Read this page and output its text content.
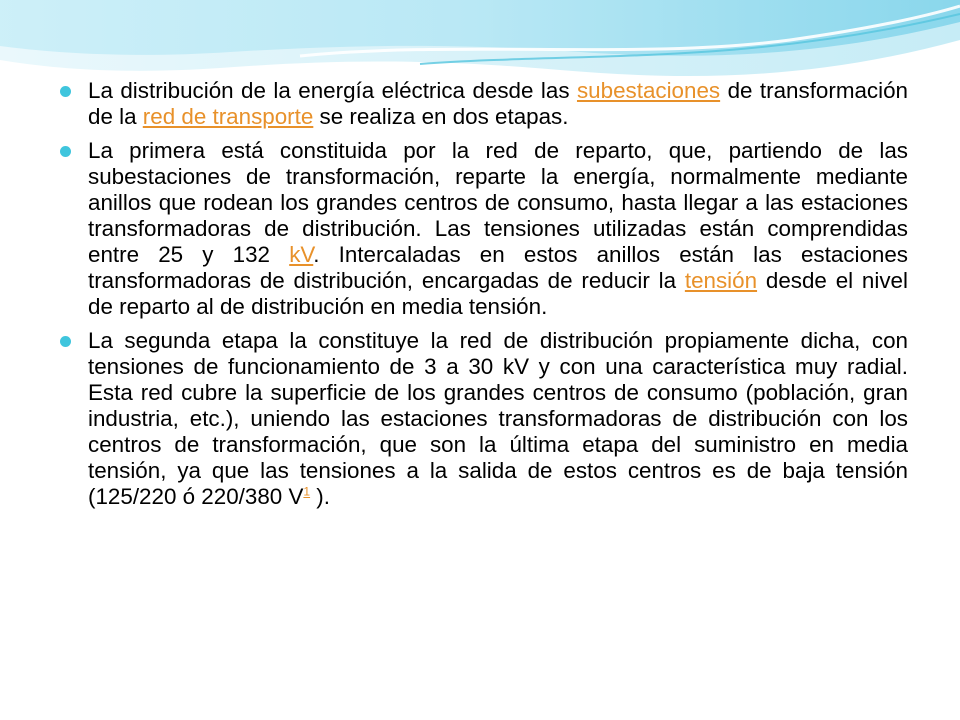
La distribución de la energía eléctrica desde las subestaciones de transformación de la red de transporte se realiza en dos etapas.
La primera está constituida por la red de reparto, que, partiendo de las subestaciones de transformación, reparte la energía, normalmente mediante anillos que rodean los grandes centros de consumo, hasta llegar a las estaciones transformadoras de distribución. Las tensiones utilizadas están comprendidas entre 25 y 132 kV. Intercaladas en estos anillos están las estaciones transformadoras de distribución, encargadas de reducir la tensión desde el nivel de reparto al de distribución en media tensión.
La segunda etapa la constituye la red de distribución propiamente dicha, con tensiones de funcionamiento de 3 a 30 kV y con una característica muy radial. Esta red cubre la superficie de los grandes centros de consumo (población, gran industria, etc.), uniendo las estaciones transformadoras de distribución con los centros de transformación, que son la última etapa del suministro en media tensión, ya que las tensiones a la salida de estos centros es de baja tensión (125/220 ó 220/380 $V^1$ ).
